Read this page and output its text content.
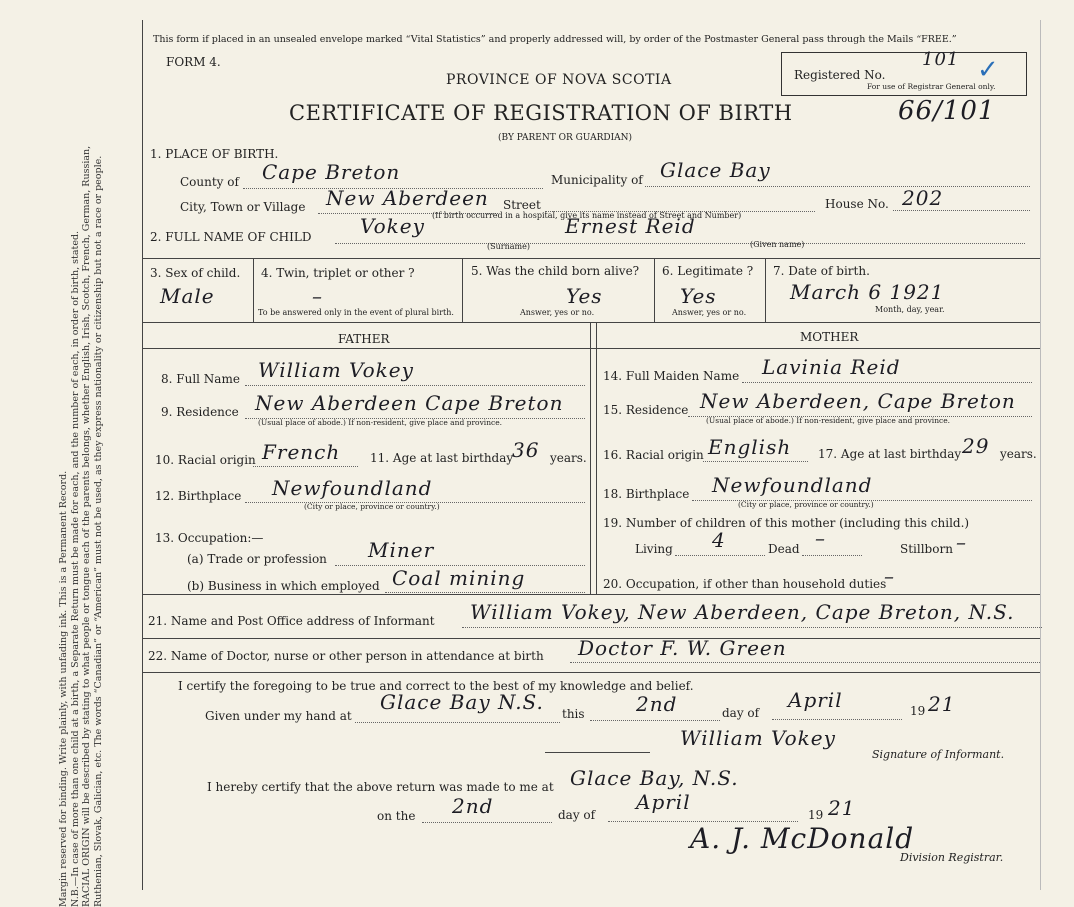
Margin reserved for binding. Write plainly, with unfading ink. This is a Permanent Record. N.B.—In case of more than one child at a birth, a Separate Return must be made for each, and the number of each, in order of birth, stated. RACIAL ORIGIN will be described by stating to what people or tongue each of the parents belongs, whether English, Irish, Scotch, French, German, Russian, Ruthenian, Slovak, Galician, etc. The words “Canadian” or “American” must not be used, as they express nationality or citizenship but not a race or people.
This form if placed in an unsealed envelope marked “Vital Statistics” and properly addressed will, by order of the Postmaster General pass through the Mails “FREE.”
FORM 4.
PROVINCE OF NOVA SCOTIA
CERTIFICATE OF REGISTRATION OF BIRTH	66/101
(BY PARENT OR GUARDIAN)
Registered No.
101 ✓
For use of Registrar General only.
1. PLACE OF BIRTH.
County of Cape Breton	Municipality of Glace Bay
City, Town or Village New Aberdeen Street
(If birth occurred in a hospital, give its name instead of Street and Number)
House No. 202
2. FULL NAME OF CHILD Vokey	Ernest Reid
(Surname)	(Given name)
3. Sex of child.
Male
4. Twin, triplet or other ?
–
To be answered only in the event of plural birth.
5. Was the child born alive?
Yes
Answer, yes or no.
6. Legitimate ?
Yes
Answer, yes or no.
7. Date of birth.
March 6 1921
Month, day, year.
FATHER	MOTHER
8. Full Name William Vokey
9. Residence New Aberdeen Cape Breton
(Usual place of abode.) If non-resident, give place and province.
10. Racial origin French 11. Age at last birthday
36 years.
12. Birthplace Newfoundland
(City or place, province or country.)
13. Occupation:—
(a) Trade or profession Miner
(b) Business in which employed Coal mining
14. Full Maiden Name Lavinia Reid
15. Residence New Aberdeen, Cape Breton
(Usual place of abode.) If non-resident, give place and province.
16. Racial origin English 17. Age at last birthday 29 years.
18. Birthplace Newfoundland
(City or place, province or country.)
19. Number of children of this mother (including this child.)
Living 4	Dead –	Stillborn –
20. Occupation, if other than household duties
–
21. Name and Post Office address of Informant William Vokey, New Aberdeen, Cape Breton, N.S.
22. Name of Doctor, nurse or other person in attendance at birth Doctor F. W. Green
I certify the foregoing to be true and correct to the best of my knowledge and belief.
Given under my hand at
Glace Bay N.S. this	2nd	day of
April	19 21
William Vokey
Signature of Informant.
I hereby certify that the above return was made to me at Glace Bay, N.S.
on the 2nd	day of
April
19 21
A. J. McDonald
Division Registrar.
